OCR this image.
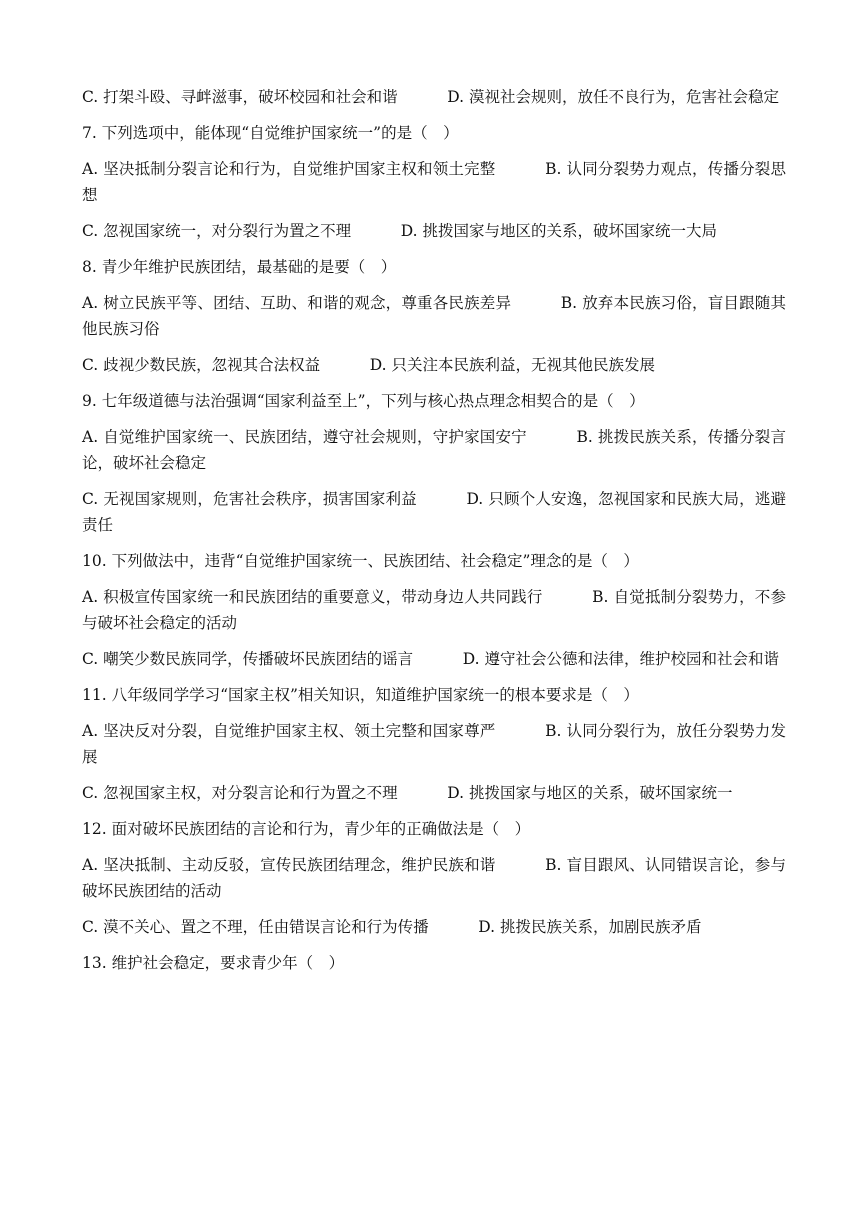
C. 打架斗殴、寻衅滋事，破坏校园和社会和谐	D. 漠视社会规则，放任不良行为，危害社会稳定

7. 下列选项中，能体现“自觉维护国家统一”的是（　）

A. 坚决抵制分裂言论和行为，自觉维护国家主权和领土完整	B. 认同分裂势力观点，传播分裂思想

C. 忽视国家统一，对分裂行为置之不理	D. 挑拨国家与地区的关系，破坏国家统一大局

8. 青少年维护民族团结，最基础的是要（　）

A. 树立民族平等、团结、互助、和谐的观念，尊重各民族差异	B. 放弃本民族习俗，盲目跟随其他民族习俗

C. 歧视少数民族，忽视其合法权益	D. 只关注本民族利益，无视其他民族发展

9. 七年级道德与法治强调“国家利益至上”，下列与核心热点理念相契合的是（　）

A. 自觉维护国家统一、民族团结，遵守社会规则，守护家国安宁	B. 挑拨民族关系，传播分裂言论，破坏社会稳定

C. 无视国家规则，危害社会秩序，损害国家利益	D. 只顾个人安逸，忽视国家和民族大局，逃避责任

10. 下列做法中，违背“自觉维护国家统一、民族团结、社会稳定”理念的是（　）

A. 积极宣传国家统一和民族团结的重要意义，带动身边人共同践行	B. 自觉抵制分裂势力，不参与破坏社会稳定的活动

C. 嘲笑少数民族同学，传播破坏民族团结的谣言	D. 遵守社会公德和法律，维护校园和社会和谐

11. 八年级同学学习“国家主权”相关知识，知道维护国家统一的根本要求是（　）

A. 坚决反对分裂，自觉维护国家主权、领土完整和国家尊严	B. 认同分裂行为，放任分裂势力发展

C. 忽视国家主权，对分裂言论和行为置之不理	D. 挑拨国家与地区的关系，破坏国家统一

12. 面对破坏民族团结的言论和行为，青少年的正确做法是（　）

A. 坚决抵制、主动反驳，宣传民族团结理念，维护民族和谐	B. 盲目跟风、认同错误言论，参与破坏民族团结的活动

C. 漠不关心、置之不理，任由错误言论和行为传播	D. 挑拨民族关系，加剧民族矛盾

13. 维护社会稳定，要求青少年（　）
